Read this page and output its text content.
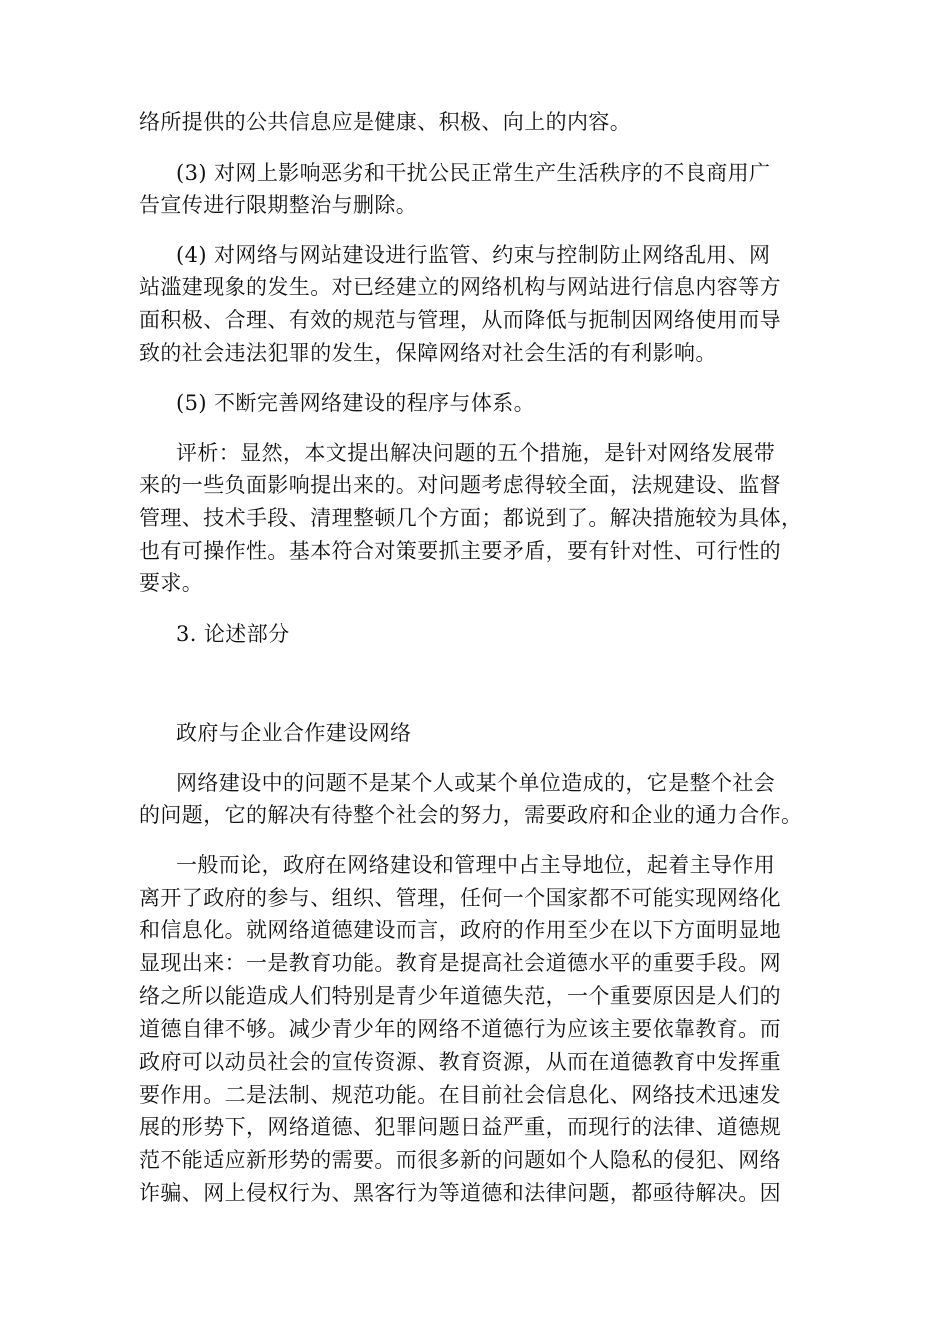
络所提供的公共信息应是健康、积极、向上的内容。
(3) 对网上影响恶劣和干扰公民正常生产生活秩序的不良商用广
告宣传进行限期整治与删除。
(4) 对网络与网站建设进行监管、约束与控制防止网络乱用、网
站滥建现象的发生。对已经建立的网络机构与网站进行信息内容等方
面积极、合理、有效的规范与管理，从而降低与扼制因网络使用而导
致的社会违法犯罪的发生，保障网络对社会生活的有利影响。
(5) 不断完善网络建设的程序与体系。
评析：显然，本文提出解决问题的五个措施，是针对网络发展带
来的一些负面影响提出来的。对问题考虑得较全面，法规建设、监督
管理、技术手段、清理整顿几个方面；都说到了。解决措施较为具体，
也有可操作性。基本符合对策要抓主要矛盾，要有针对性、可行性的
要求。
3. 论述部分
政府与企业合作建设网络
网络建设中的问题不是某个人或某个单位造成的，它是整个社会
的问题，它的解决有待整个社会的努力，需要政府和企业的通力合作。
一般而论，政府在网络建设和管理中占主导地位，起着主导作用
离开了政府的参与、组织、管理，任何一个国家都不可能实现网络化
和信息化。就网络道德建设而言，政府的作用至少在以下方面明显地
显现出来：一是教育功能。教育是提高社会道德水平的重要手段。网
络之所以能造成人们特别是青少年道德失范，一个重要原因是人们的
道德自律不够。减少青少年的网络不道德行为应该主要依靠教育。而
政府可以动员社会的宣传资源、教育资源，从而在道德教育中发挥重
要作用。二是法制、规范功能。在目前社会信息化、网络技术迅速发
展的形势下，网络道德、犯罪问题日益严重，而现行的法律、道德规
范不能适应新形势的需要。而很多新的问题如个人隐私的侵犯、网络
诈骗、网上侵权行为、黑客行为等道德和法律问题，都亟待解决。因
